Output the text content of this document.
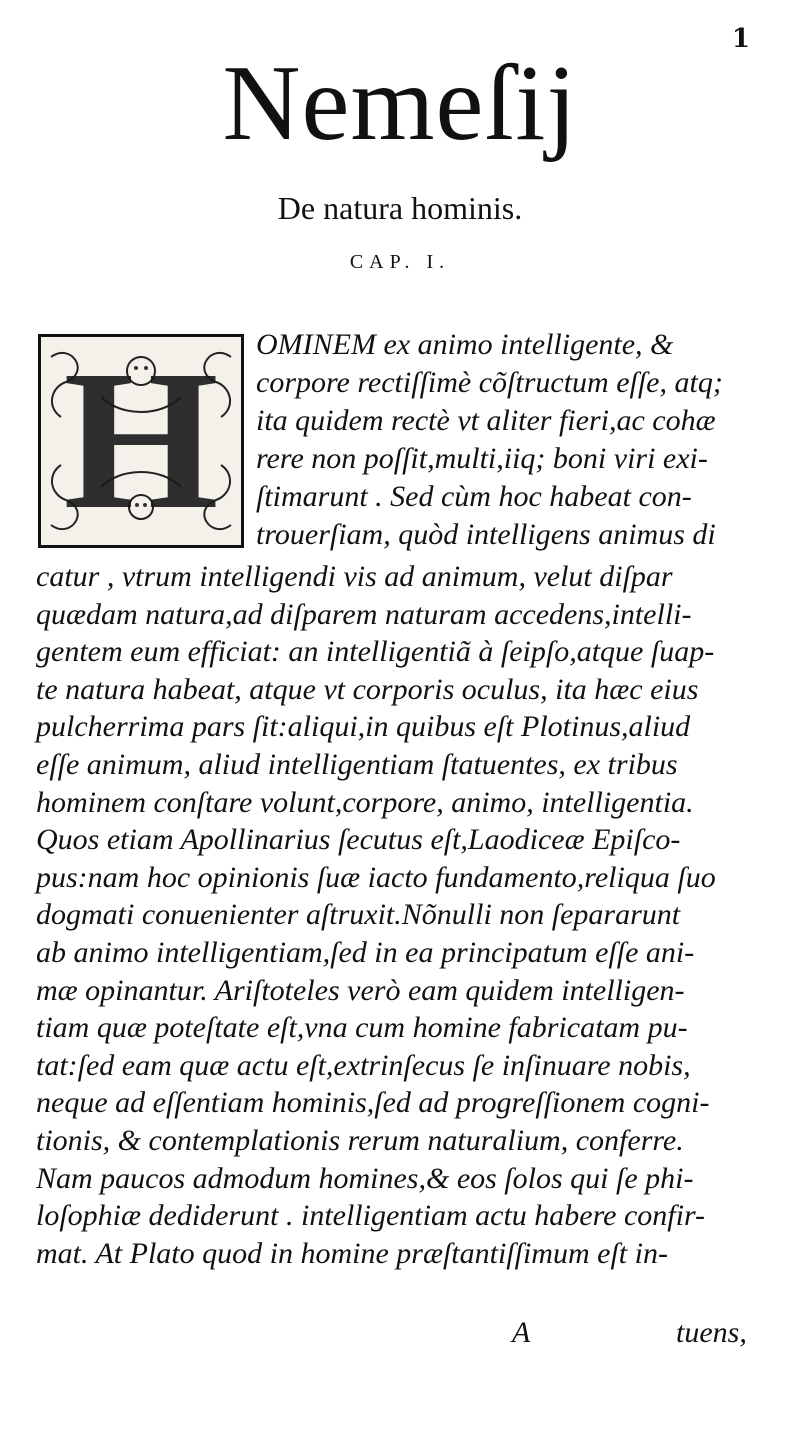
1
Nemeſij
De natura hominis.
CAP. I.
H	OMINEM ex animo intelligente, &
corpore rectiſſimè cõſtructum eſſe, atq;
ita quidem rectè vt aliter fieri,ac cohæ
rere non poſſit,multi,iiq; boni viri exi-
ſtimarunt . Sed cùm hoc habeat con-
trouerſiam, quòd intelligens animus di
catur , vtrum intelligendi vis ad animum, velut diſpar
quædam natura,ad diſparem naturam accedens,intelli-
gentem eum efficiat: an intelligentiã à ſeipſo,atque ſuap-
te natura habeat, atque vt corporis oculus, ita hæc eius
pulcherrima pars ſit:aliqui,in quibus eſt Plotinus,aliud
eſſe animum, aliud intelligentiam ſtatuentes, ex tribus
hominem conſtare volunt,corpore, animo, intelligentia.
Quos etiam Apollinarius ſecutus eſt,Laodiceæ Epiſco-
pus:nam hoc opinionis ſuæ iacto fundamento,reliqua ſuo
dogmati conuenienter aſtruxit.Nõnulli non ſepararunt
ab animo intelligentiam,ſed in ea principatum eſſe ani-
mæ opinantur. Ariſtoteles verò eam quidem intelligen-
tiam quæ poteſtate eſt,vna cum homine fabricatam pu-
tat:ſed eam quæ actu eſt,extrinſecus ſe inſinuare nobis,
neque ad eſſentiam hominis,ſed ad progreſſionem cogni-
tionis, & contemplationis rerum naturalium, conferre.
Nam paucos admodum homines,& eos ſolos qui ſe phi-
loſophiæ dediderunt . intelligentiam actu habere confir-
mat. At Plato quod in homine præſtantiſſimum eſt in-
A	tuens,
